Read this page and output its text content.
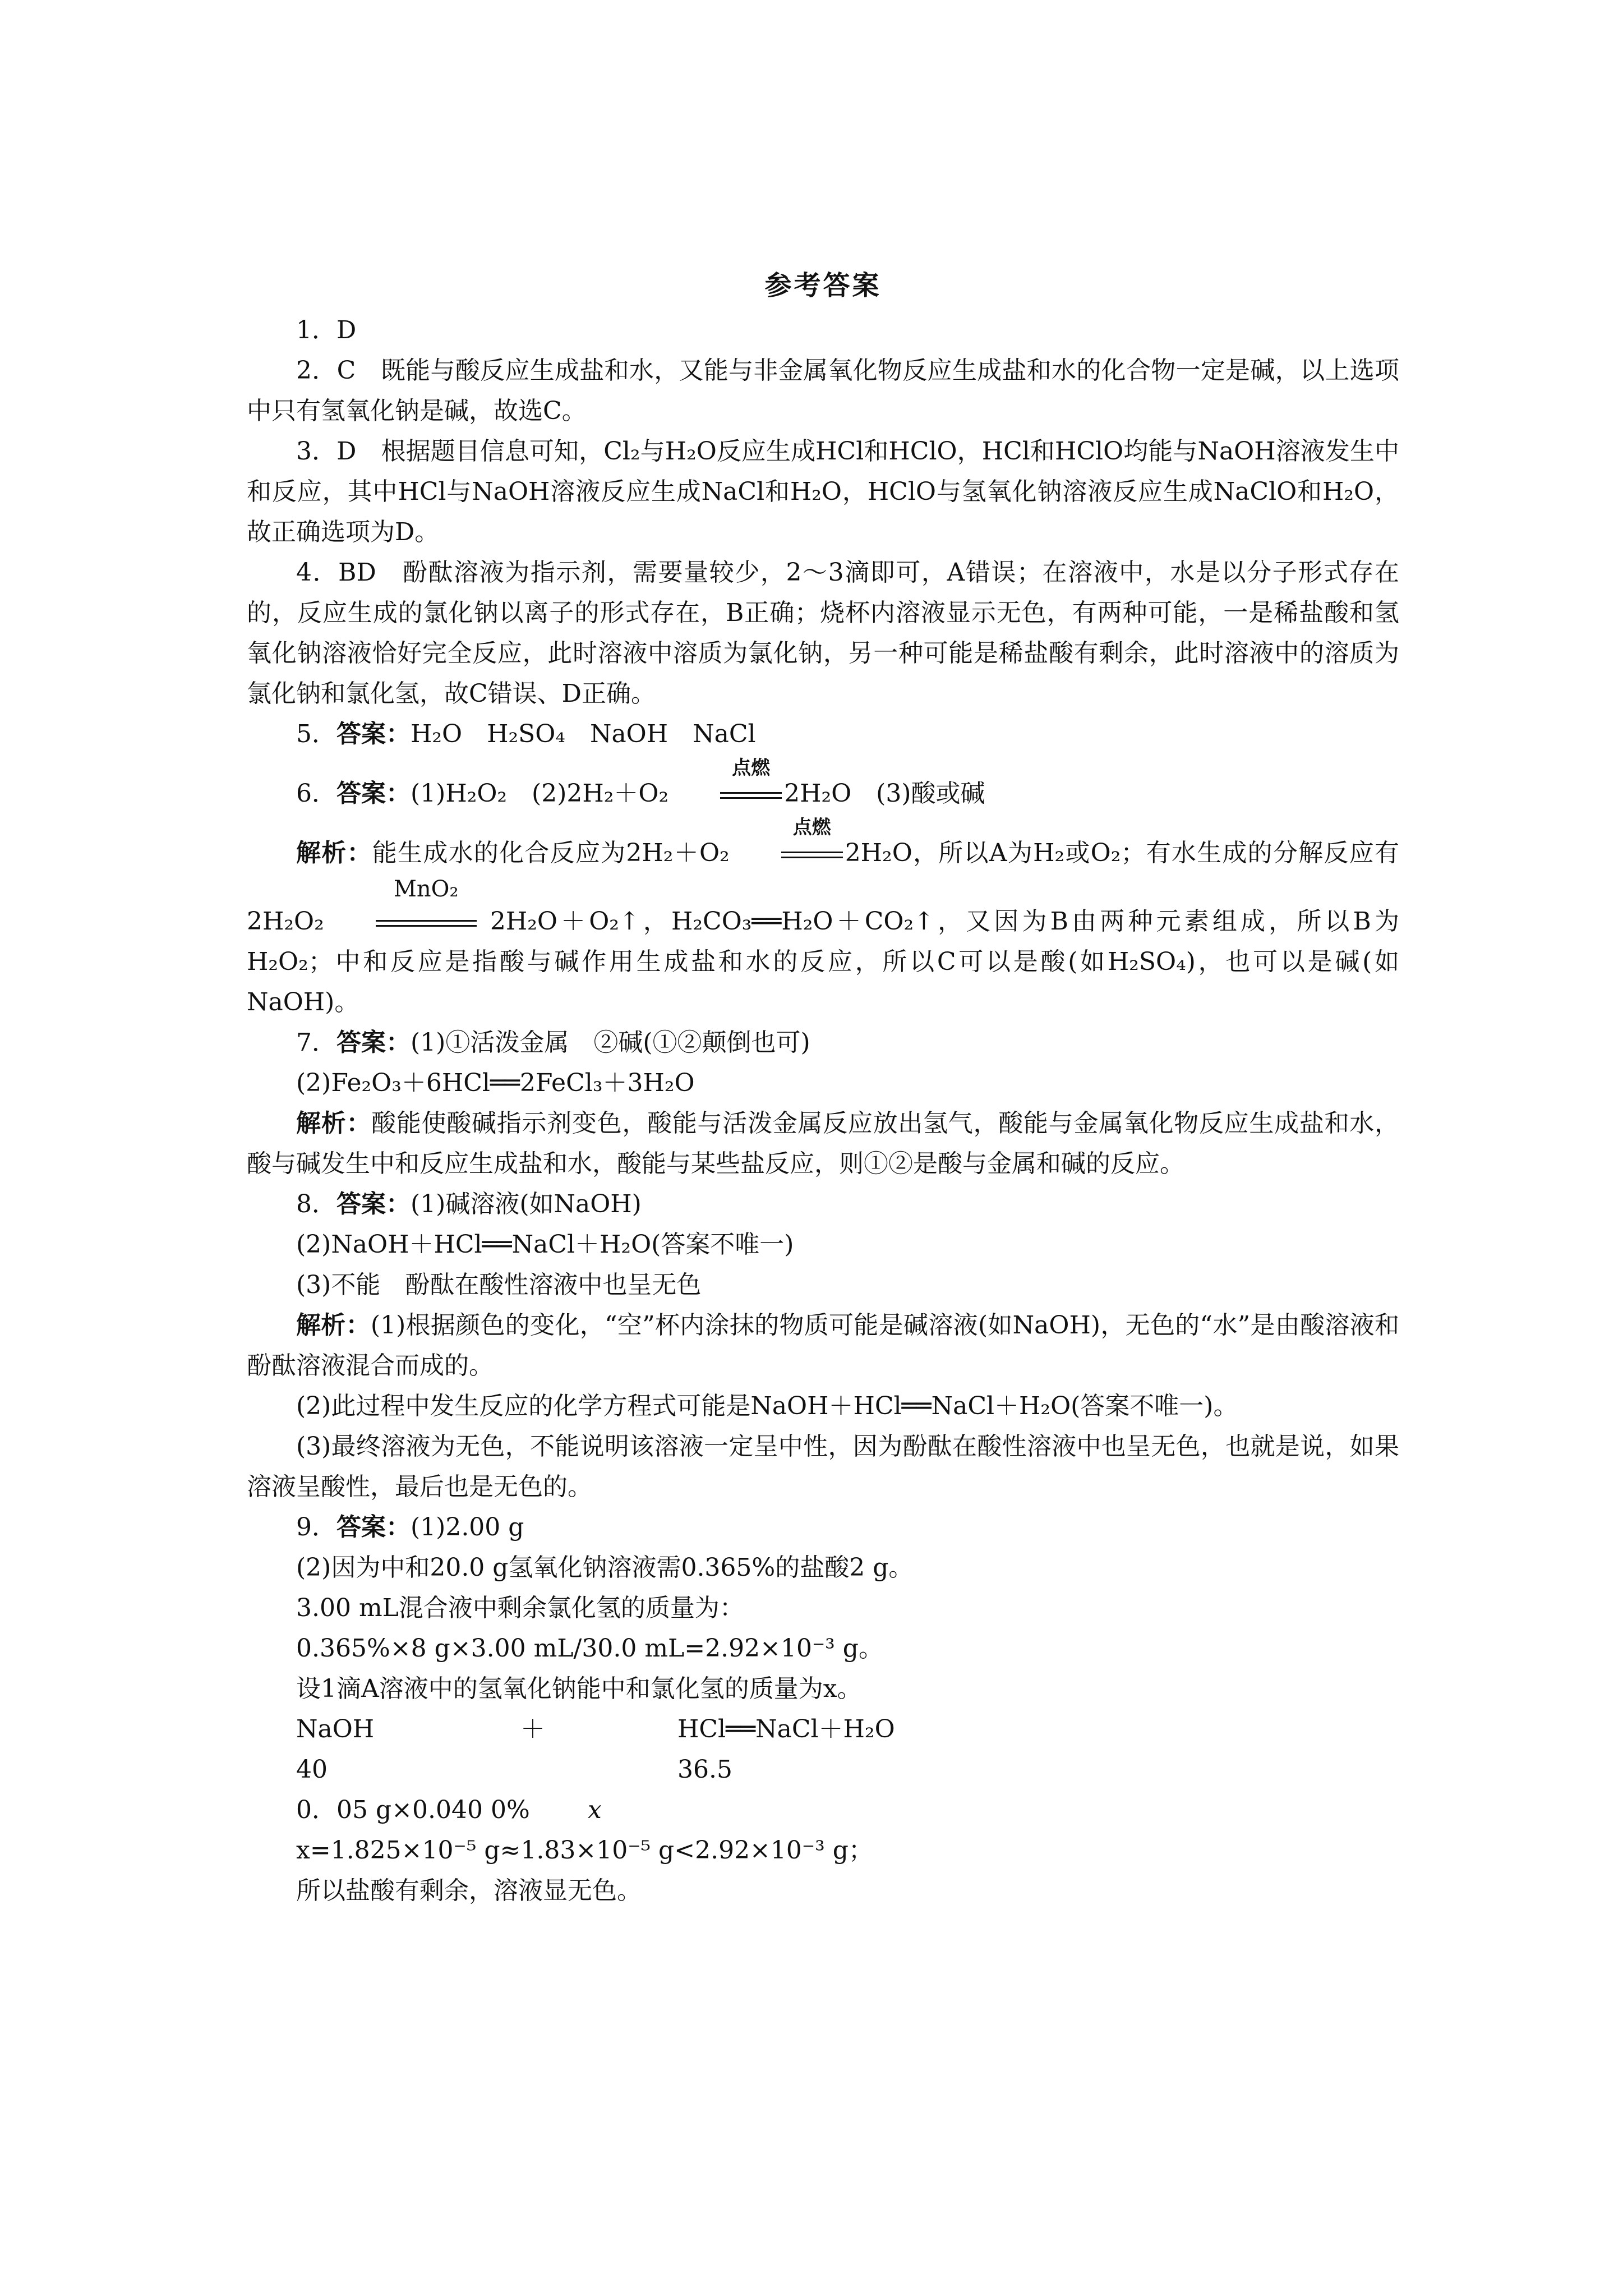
参考答案

1．D

2．C　既能与酸反应生成盐和水，又能与非金属氧化物反应生成盐和水的化合物一定是碱，以上选项中只有氢氧化钠是碱，故选C。

3．D　根据题目信息可知，Cl₂与H₂O反应生成HCl和HClO，HCl和HClO均能与NaOH溶液发生中和反应，其中HCl与NaOH溶液反应生成NaCl和H₂O，HClO与氢氧化钠溶液反应生成NaClO和H₂O，故正确选项为D。

4．BD　酚酞溶液为指示剂，需要量较少，2～3滴即可，A错误；在溶液中，水是以分子形式存在的，反应生成的氯化钠以离子的形式存在，B正确；烧杯内溶液显示无色，有两种可能，一是稀盐酸和氢氧化钠溶液恰好完全反应，此时溶液中溶质为氯化钠，另一种可能是稀盐酸有剩余，此时溶液中的溶质为氯化钠和氯化氢，故C错误、D正确。

5．答案：H₂O　H₂SO₄　NaOH　NaCl

6．答案：(1)H₂O₂　(2)2H₂＋O₂
点燃
2H₂O　(3)酸或碱

解析：能生成水的化合反应为2H₂＋O₂
点燃
2H₂O，所以A为H₂或O₂；有水生成的分解反应有2H₂O₂
MnO₂
2H₂O＋O₂↑，H₂CO₃══H₂O＋CO₂↑，又因为B由两种元素组成，所以B为H₂O₂；中和反应是指酸与碱作用生成盐和水的反应，所以C可以是酸(如H₂SO₄)，也可以是碱(如NaOH)。

7．答案：(1)①活泼金属　②碱(①②颠倒也可)

(2)Fe₂O₃＋6HCl══2FeCl₃＋3H₂O

解析：酸能使酸碱指示剂变色，酸能与活泼金属反应放出氢气，酸能与金属氧化物反应生成盐和水，酸与碱发生中和反应生成盐和水，酸能与某些盐反应，则①②是酸与金属和碱的反应。

8．答案：(1)碱溶液(如NaOH)

(2)NaOH＋HCl══NaCl＋H₂O(答案不唯一)

(3)不能　酚酞在酸性溶液中也呈无色

解析：(1)根据颜色的变化，“空”杯内涂抹的物质可能是碱溶液(如NaOH)，无色的“水”是由酸溶液和酚酞溶液混合而成的。

(2)此过程中发生反应的化学方程式可能是NaOH＋HCl══NaCl＋H₂O(答案不唯一)。

(3)最终溶液为无色，不能说明该溶液一定呈中性，因为酚酞在酸性溶液中也呈无色，也就是说，如果溶液呈酸性，最后也是无色的。

9．答案：(1)2.00 g

(2)因为中和20.0 g氢氧化钠溶液需0.365%的盐酸2 g。

3.00 mL混合液中剩余氯化氢的质量为：

0.365%×8 g×3.00 mL/30.0 mL=2.92×10⁻³ g。

设1滴A溶液中的氢氧化钠能中和氯化氢的质量为x。

NaOH	＋	HCl══NaCl＋H₂O
40	36.5
0．05 g×0.040 0%	x

x=1.825×10⁻⁵ g≈1.83×10⁻⁵ g<2.92×10⁻³ g；

所以盐酸有剩余，溶液显无色。
